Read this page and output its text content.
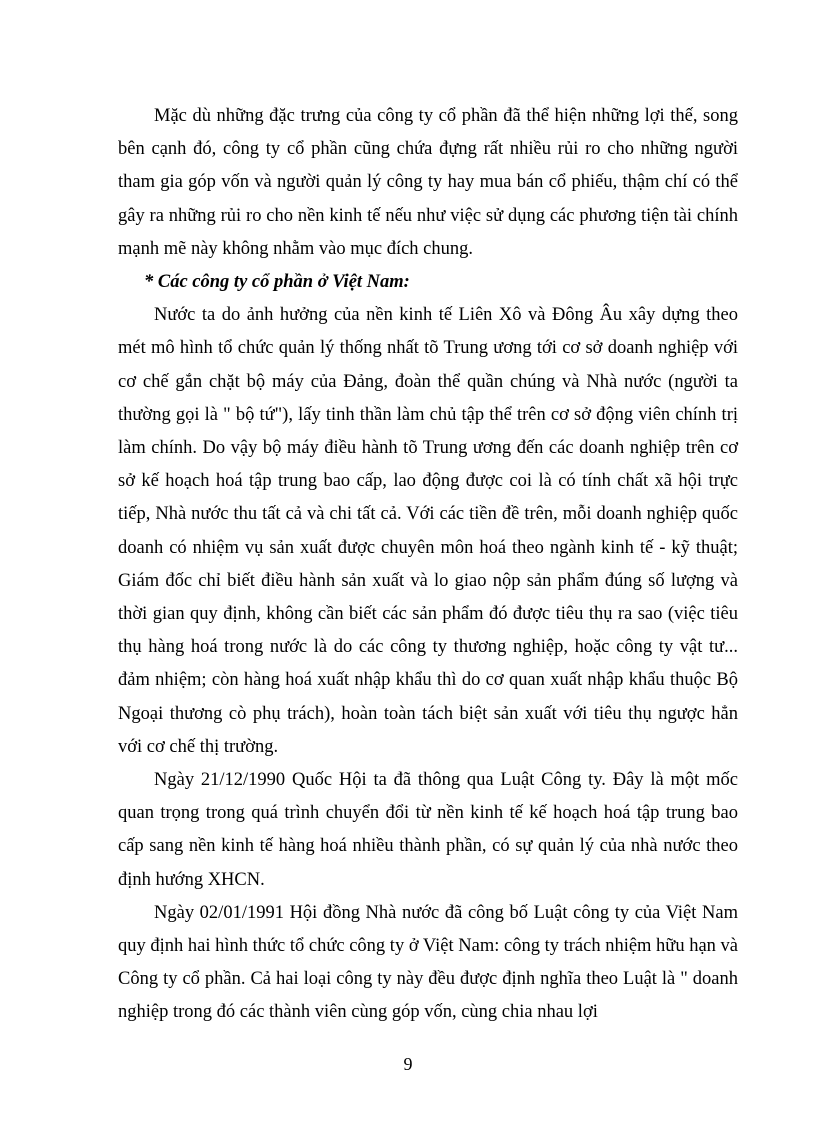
Mặc dù những đặc trưng của công ty cổ phần đã thể hiện những lợi thế, song bên cạnh đó, công ty cổ phần cũng chứa đựng rất nhiều rủi ro cho những người tham gia góp vốn và người quản lý công ty hay mua bán cổ phiếu, thậm chí có thể gây ra những rủi ro cho nền kinh tế nếu như việc sử dụng các phương tiện tài chính mạnh mẽ này không nhằm vào mục đích chung.

* Các công ty cổ phần ở Việt Nam:

Nước ta do ảnh hưởng của nền kinh tế Liên Xô và Đông Âu xây dựng theo mét mô hình tổ chức quản lý thống nhất tõ Trung ương tới cơ sở doanh nghiệp với cơ chế gắn chặt bộ máy của Đảng, đoàn thể quần chúng và Nhà nước (người ta thường gọi là " bộ tứ"), lấy tinh thần làm chủ tập thể trên cơ sở động viên chính trị làm chính. Do vậy bộ máy điều hành tõ Trung ương đến các doanh nghiệp trên cơ sở kế hoạch hoá tập trung bao cấp, lao động được coi là có tính chất xã hội trực tiếp, Nhà nước thu tất cả và chi tất cả. Với các tiền đề trên, mỗi doanh nghiệp quốc doanh có nhiệm vụ sản xuất được chuyên môn hoá theo ngành kinh tế - kỹ thuật; Giám đốc chỉ biết điều hành sản xuất và lo giao nộp sản phẩm đúng số lượng và thời gian quy định, không cần biết các sản phẩm đó được tiêu thụ ra sao (việc tiêu thụ hàng hoá trong nước là do các công ty thương nghiệp, hoặc công ty vật tư... đảm nhiệm; còn hàng hoá xuất nhập khẩu thì do cơ quan xuất nhập khẩu thuộc Bộ Ngoại thương cò phụ trách), hoàn toàn tách biệt sản xuất với tiêu thụ ngược hẳn với cơ chế thị trường.

Ngày 21/12/1990 Quốc Hội ta đã thông qua Luật Công ty. Đây là một mốc quan trọng trong quá trình chuyển đổi từ nền kinh tế kế hoạch hoá tập trung bao cấp sang nền kinh tế hàng hoá nhiều thành phần, có sự quản lý của nhà nước theo định hướng XHCN.

Ngày 02/01/1991 Hội đồng Nhà nước đã công bố Luật công ty của Việt Nam quy định hai hình thức tổ chức công ty ở Việt Nam: công ty trách nhiệm hữu hạn và Công ty cổ phần. Cả hai loại công ty này đều được định nghĩa theo Luật là " doanh nghiệp trong đó các thành viên cùng góp vốn, cùng chia nhau lợi

9
